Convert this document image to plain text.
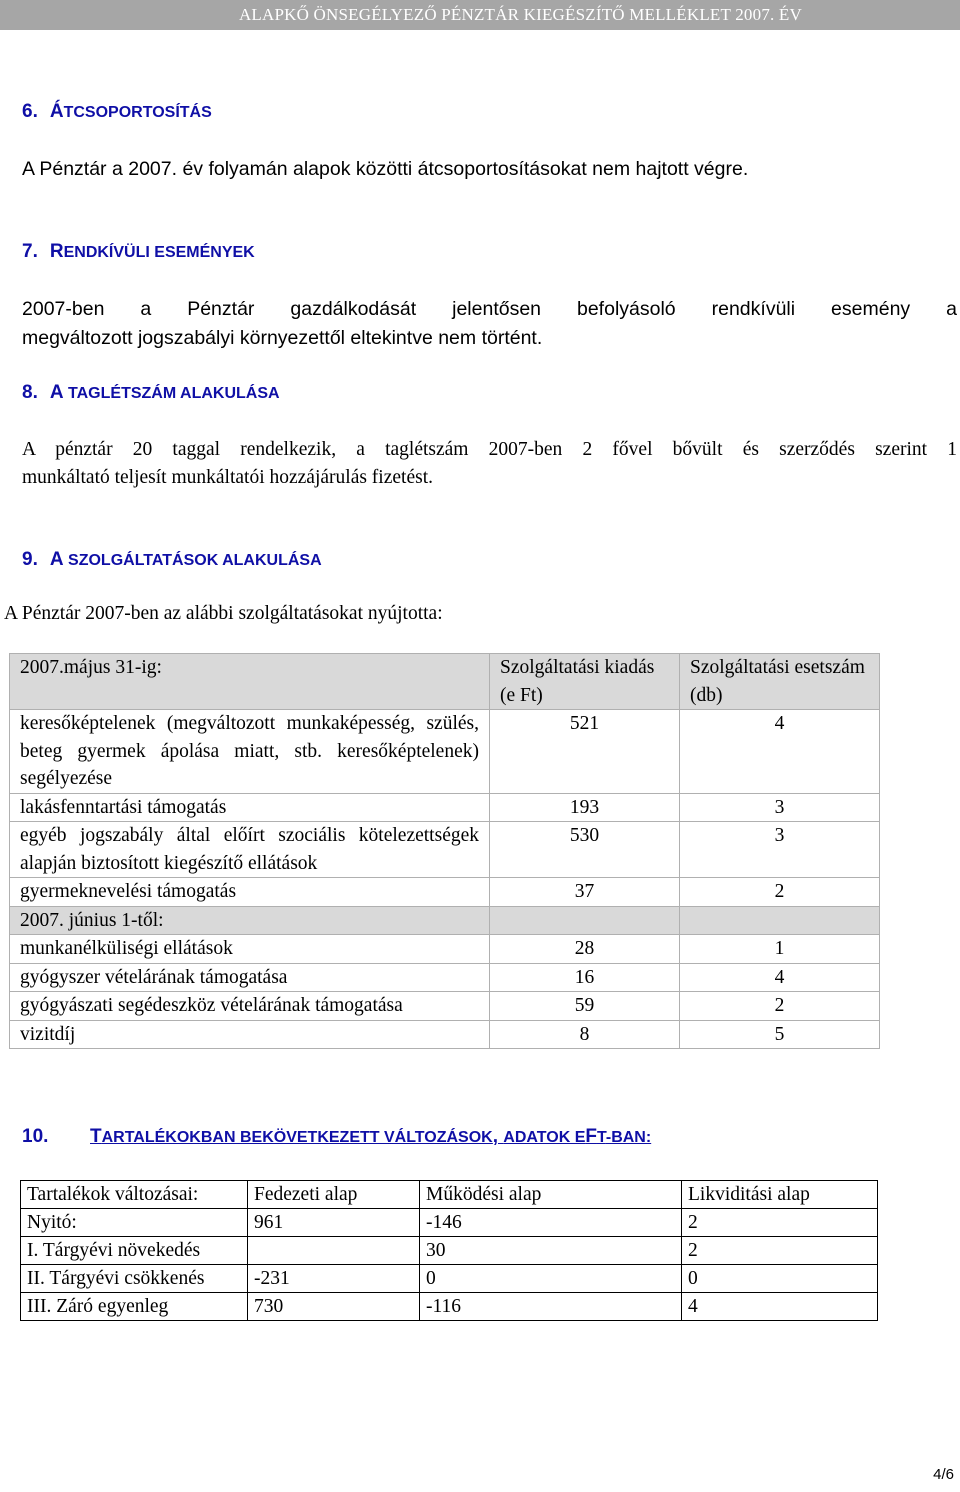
ALAPKŐ ÖNSEGÉLYEZŐ PÉNZTÁR KIEGÉSZÍTŐ MELLÉKLET 2007. ÉV
6. ÁTCSOPORTOSÍTÁS
A Pénztár a 2007. év folyamán alapok közötti átcsoportosításokat nem hajtott végre.
7. RENDKÍVÜLI ESEMÉNYEK
2007-ben a Pénztár gazdálkodását jelentősen befolyásoló rendkívüli esemény a
megváltozott jogszabályi környezettől eltekintve nem történt.
8. A TAGLÉTSZÁM ALAKULÁSA
A pénztár 20 taggal rendelkezik, a taglétszám 2007-ben 2 fővel bővült és szerződés szerint 1
munkáltató teljesít munkáltatói hozzájárulás fizetést.
9. A SZOLGÁLTATÁSOK ALAKULÁSA
A Pénztár 2007-ben az alábbi szolgáltatásokat nyújtotta:
2007.május 31-ig:	Szolgáltatási kiadás (e Ft)	Szolgáltatási esetszám (db)
keresőképtelenek (megváltozott munkaképesség, szülés, beteg gyermek ápolása miatt, stb. keresőképtelenek) segélyezése	521	4
lakásfenntartási támogatás	193	3
egyéb jogszabály által előírt szociális kötelezettségek alapján biztosított kiegészítő ellátások	530	3
gyermeknevelési támogatás	37	2
2007. június 1-től:		
munkanélküliségi ellátások	28	1
gyógyszer vételárának támogatása	16	4
gyógyászati segédeszköz vételárának támogatása	59	2
vizitdíj	8	5
10. TARTALÉKOKBAN BEKÖVETKEZETT VÁLTOZÁSOK, ADATOK EFT-BAN:
Tartalékok változásai:	Fedezeti alap	Működési alap	Likviditási alap
Nyitó:	961	-146	2
I. Tárgyévi növekedés		30	2
II. Tárgyévi csökkenés	-231	0	0
III. Záró egyenleg	730	-116	4
4/6
